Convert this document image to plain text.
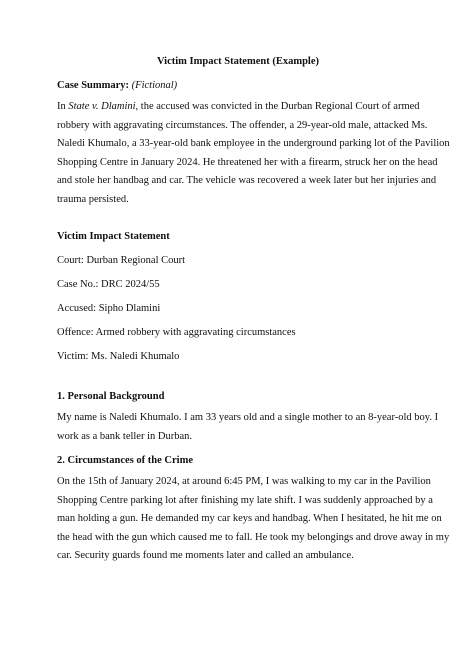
Victim Impact Statement (Example)
Case Summary: (Fictional)
In State v. Dlamini, the accused was convicted in the Durban Regional Court of armed
robbery with aggravating circumstances. The offender, a 29-year-old male, attacked Ms.
Naledi Khumalo, a 33-year-old bank employee in the underground parking lot of the Pavilion
Shopping Centre in January 2024. He threatened her with a firearm, struck her on the head
and stole her handbag and car. The vehicle was recovered a week later but her injuries and
trauma persisted.
Victim Impact Statement
Court: Durban Regional Court
Case No.: DRC 2024/55
Accused: Sipho Dlamini
Offence: Armed robbery with aggravating circumstances
Victim: Ms. Naledi Khumalo
1. Personal Background
My name is Naledi Khumalo. I am 33 years old and a single mother to an 8-year-old boy. I
work as a bank teller in Durban.
2. Circumstances of the Crime
On the 15th of January 2024, at around 6:45 PM, I was walking to my car in the Pavilion
Shopping Centre parking lot after finishing my late shift. I was suddenly approached by a
man holding a gun. He demanded my car keys and handbag. When I hesitated, he hit me on
the head with the gun which caused me to fall. He took my belongings and drove away in my
car. Security guards found me moments later and called an ambulance.
